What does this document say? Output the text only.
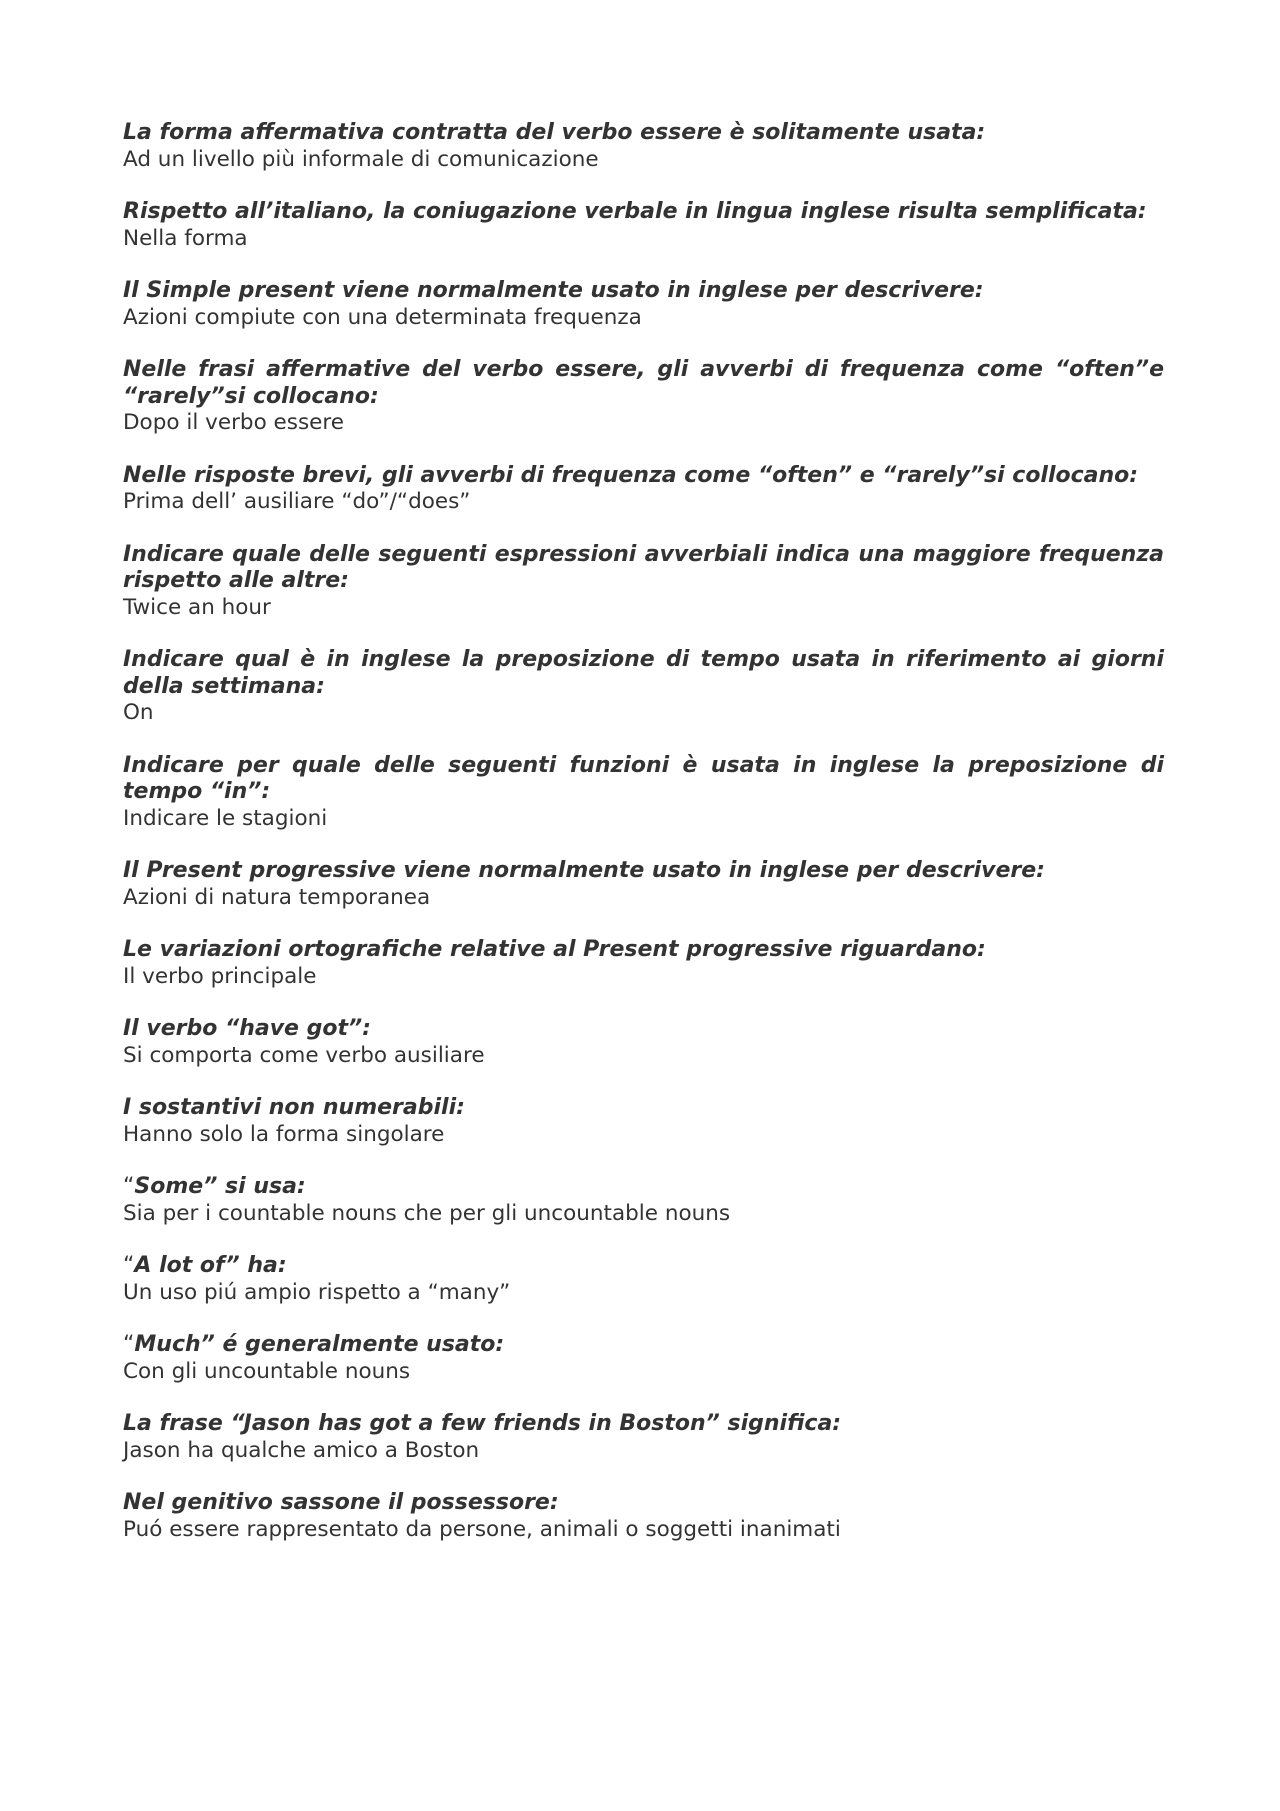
La forma affermativa contratta del verbo essere è solitamente usata:

Ad un livello più informale di comunicazione

Rispetto all’italiano, la coniugazione verbale in lingua inglese risulta semplificata:

Nella forma

Il Simple present viene normalmente usato in inglese per descrivere:

Azioni compiute con una determinata frequenza

Nelle frasi affermative del verbo essere, gli avverbi di frequenza come “often”e “rarely”si collocano:

Dopo il verbo essere

Nelle risposte brevi, gli avverbi di frequenza come “often” e “rarely”si collocano:

Prima dell’ ausiliare “do”/“does”

Indicare quale delle seguenti espressioni avverbiali indica una maggiore frequenza rispetto alle altre:

Twice an hour

Indicare qual è in inglese la preposizione di tempo usata in riferimento ai giorni della settimana:

On

Indicare per quale delle seguenti funzioni è usata in inglese la preposizione di tempo “in”:

Indicare le stagioni

Il Present progressive viene normalmente usato in inglese per descrivere:

Azioni di natura temporanea

Le variazioni ortografiche relative al Present progressive riguardano:

Il verbo principale

Il verbo “have got”:

Si comporta come verbo ausiliare

I sostantivi non numerabili:

Hanno solo la forma singolare

“Some” si usa:

Sia per i countable nouns che per gli uncountable nouns

“A lot of” ha:

Un uso piú ampio rispetto a “many”

“Much” é generalmente usato:

Con gli uncountable nouns

La frase “Jason has got a few friends in Boston” significa:

Jason ha qualche amico a Boston

Nel genitivo sassone il possessore:

Puó essere rappresentato da persone, animali o soggetti inanimati
